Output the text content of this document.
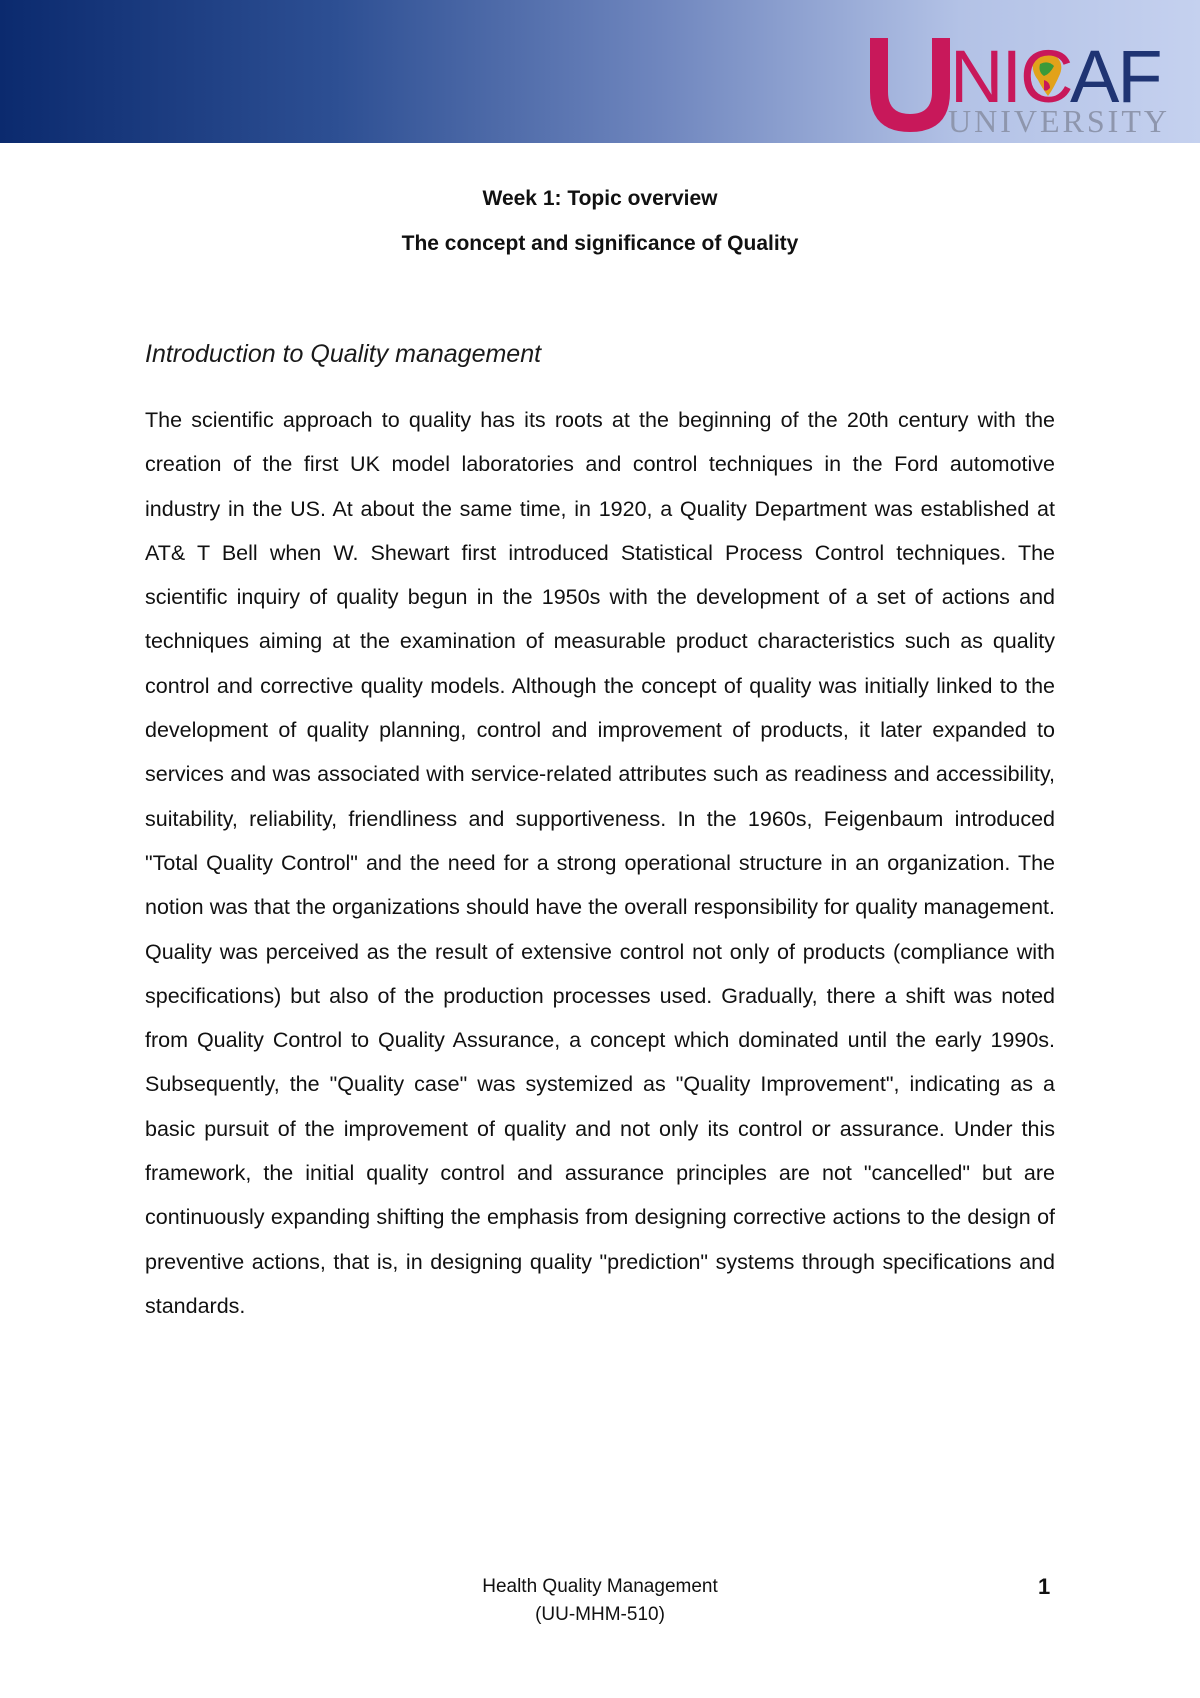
NIC
AF
UNIVERSITY
Week 1: Topic overview
The concept and significance of Quality
Introduction to Quality management

The scientific approach to quality has its roots at the beginning of the 20th century with the creation of the first UK model laboratories and control techniques in the Ford automotive industry in the US. At about the same time, in 1920, a Quality Department was established at AT& T Bell when W. Shewart first introduced Statistical Process Control techniques. The scientific inquiry of quality begun in the 1950s with the development of a set of actions and techniques aiming at the examination of measurable product characteristics such as quality control and corrective quality models. Although the concept of quality was initially linked to the development of quality planning, control and improvement of products, it later expanded to services and was associated with service-related attributes such as readiness and accessibility, suitability, reliability, friendliness and supportiveness. In the 1960s, Feigenbaum introduced "Total Quality Control" and the need for a strong operational structure in an organization. The notion was that the organizations should have the overall responsibility for quality management. Quality was perceived as the result of extensive control not only of products (compliance with specifications) but also of the production processes used. Gradually, there a shift was noted from Quality Control to Quality Assurance, a concept which dominated until the early 1990s. Subsequently, the "Quality case" was systemized as "Quality Improvement", indicating as a basic pursuit of the improvement of quality and not only its control or assurance. Under this framework, the initial quality control and assurance principles are not "cancelled" but are continuously expanding shifting the emphasis from designing corrective actions to the design of preventive actions, that is, in designing quality "prediction" systems through specifications and standards.

Health Quality Management
(UU-MHM-510)
1
